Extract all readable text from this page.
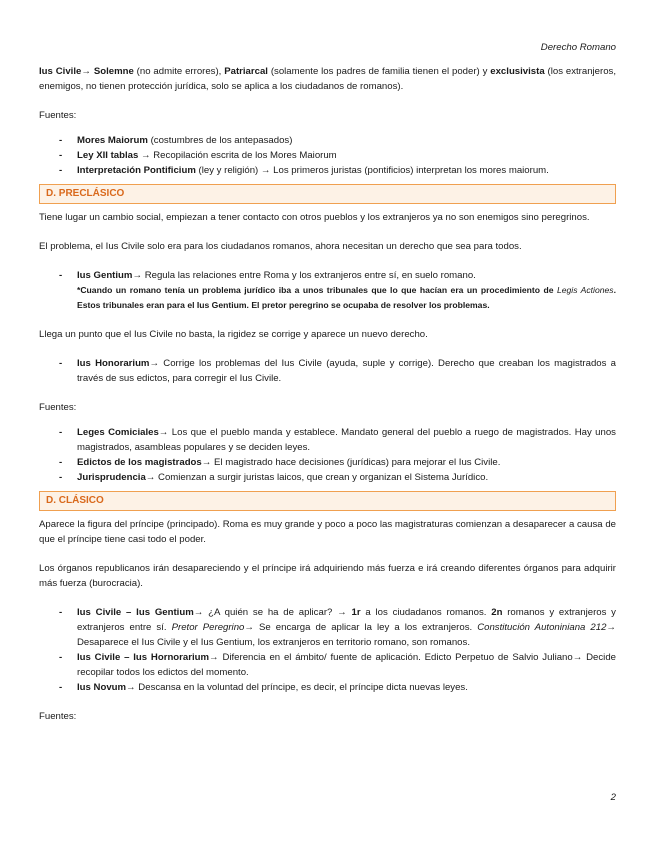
Derecho Romano

Ius Civile→ Solemne (no admite errores), Patriarcal (solamente los padres de familia tienen el poder) y exclusivista (los extranjeros, enemigos, no tienen protección jurídica, solo se aplica a los ciudadanos de romanos).

Fuentes:

- Mores Maiorum (costumbres de los antepasados)
- Ley XII tablas → Recopilación escrita de los Mores Maiorum
- Interpretación Pontificium (ley y religión) → Los primeros juristas (pontificios) interpretan los mores maiorum.
D. PRECLÁSICO

Tiene lugar un cambio social, empiezan a tener contacto con otros pueblos y los extranjeros ya no son enemigos sino peregrinos.

El problema, el Ius Civile solo era para los ciudadanos romanos, ahora necesitan un derecho que sea para todos.

- Ius Gentium→ Regula las relaciones entre Roma y los extranjeros entre sí, en suelo romano.
*Cuando un romano tenía un problema jurídico iba a unos tribunales que lo que hacían era un procedimiento de Legis Actiones. Estos tribunales eran para el Ius Gentium. El pretor peregrino se ocupaba de resolver los problemas.

Llega un punto que el Ius Civile no basta, la rigidez se corrige y aparece un nuevo derecho.

- Ius Honorarium→ Corrige los problemas del Ius Civile (ayuda, suple y corrige). Derecho que creaban los magistrados a través de sus edictos, para corregir el Ius Civile.

Fuentes:

- Leges Comiciales→ Los que el pueblo manda y establece. Mandato general del pueblo a ruego de magistrados. Hay unos magistrados, asambleas populares y se deciden leyes.
- Edictos de los magistrados→ El magistrado hace decisiones (jurídicas) para mejorar el Ius Civile.
- Jurisprudencia→ Comienzan a surgir juristas laicos, que crean y organizan el Sistema Jurídico.
D. CLÁSICO

Aparece la figura del príncipe (principado). Roma es muy grande y poco a poco las magistraturas comienzan a desaparecer a causa de que el príncipe tiene casi todo el poder.

Los órganos republicanos irán desapareciendo y el príncipe irá adquiriendo más fuerza e irá creando diferentes órganos para adquirir más fuerza (burocracia).

- Ius Civile – Ius Gentium→ ¿A quién se ha de aplicar? → 1r a los ciudadanos romanos. 2n romanos y extranjeros y extranjeros entre sí. Pretor Peregrino→ Se encarga de aplicar la ley a los extranjeros. Constitución Autoniniana 212→ Desaparece el Ius Civile y el Ius Gentium, los extranjeros en territorio romano, son romanos.
- Ius Civile – Ius Hornorarium→ Diferencia en el ámbito/ fuente de aplicación. Edicto Perpetuo de Salvio Juliano→ Decide recopilar todos los edictos del momento.
- Ius Novum→ Descansa en la voluntad del príncipe, es decir, el príncipe dicta nuevas leyes.

Fuentes:

2
